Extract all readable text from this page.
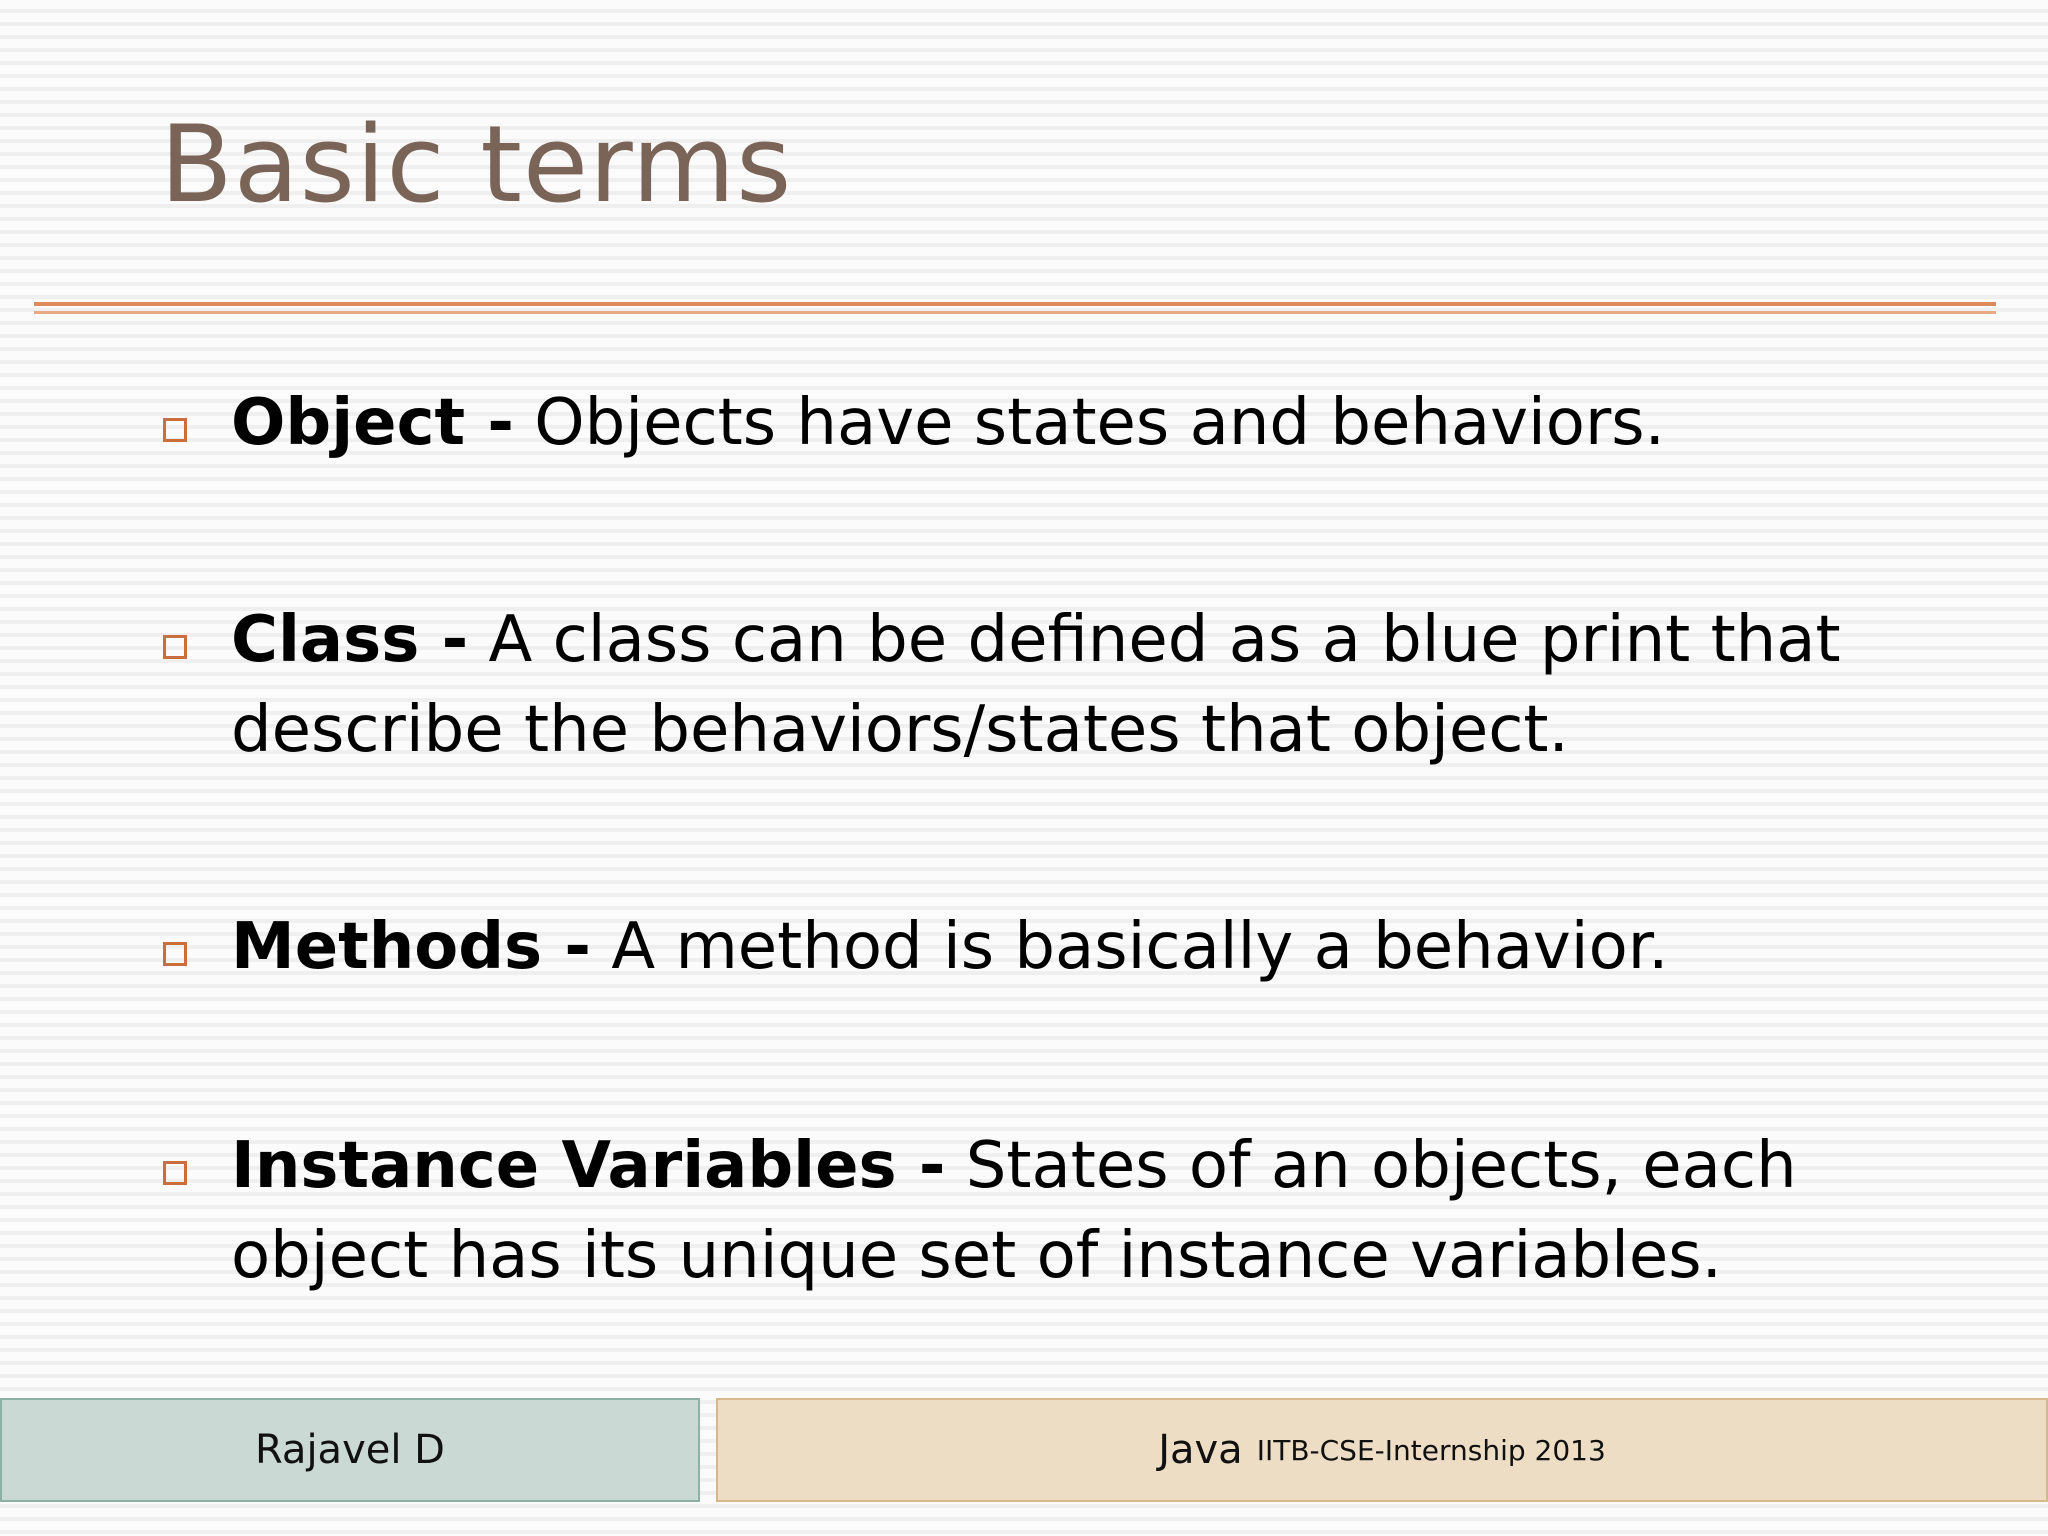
Basic terms
Object - Objects have states and behaviors.
Class - A class can be defined as a blue print that describe the behaviors/states that object.
Methods - A method is basically a behavior.
Instance Variables - States of an objects, each object has its unique set of instance variables.
Rajavel D	Java IITB-CSE-Internship 2013
